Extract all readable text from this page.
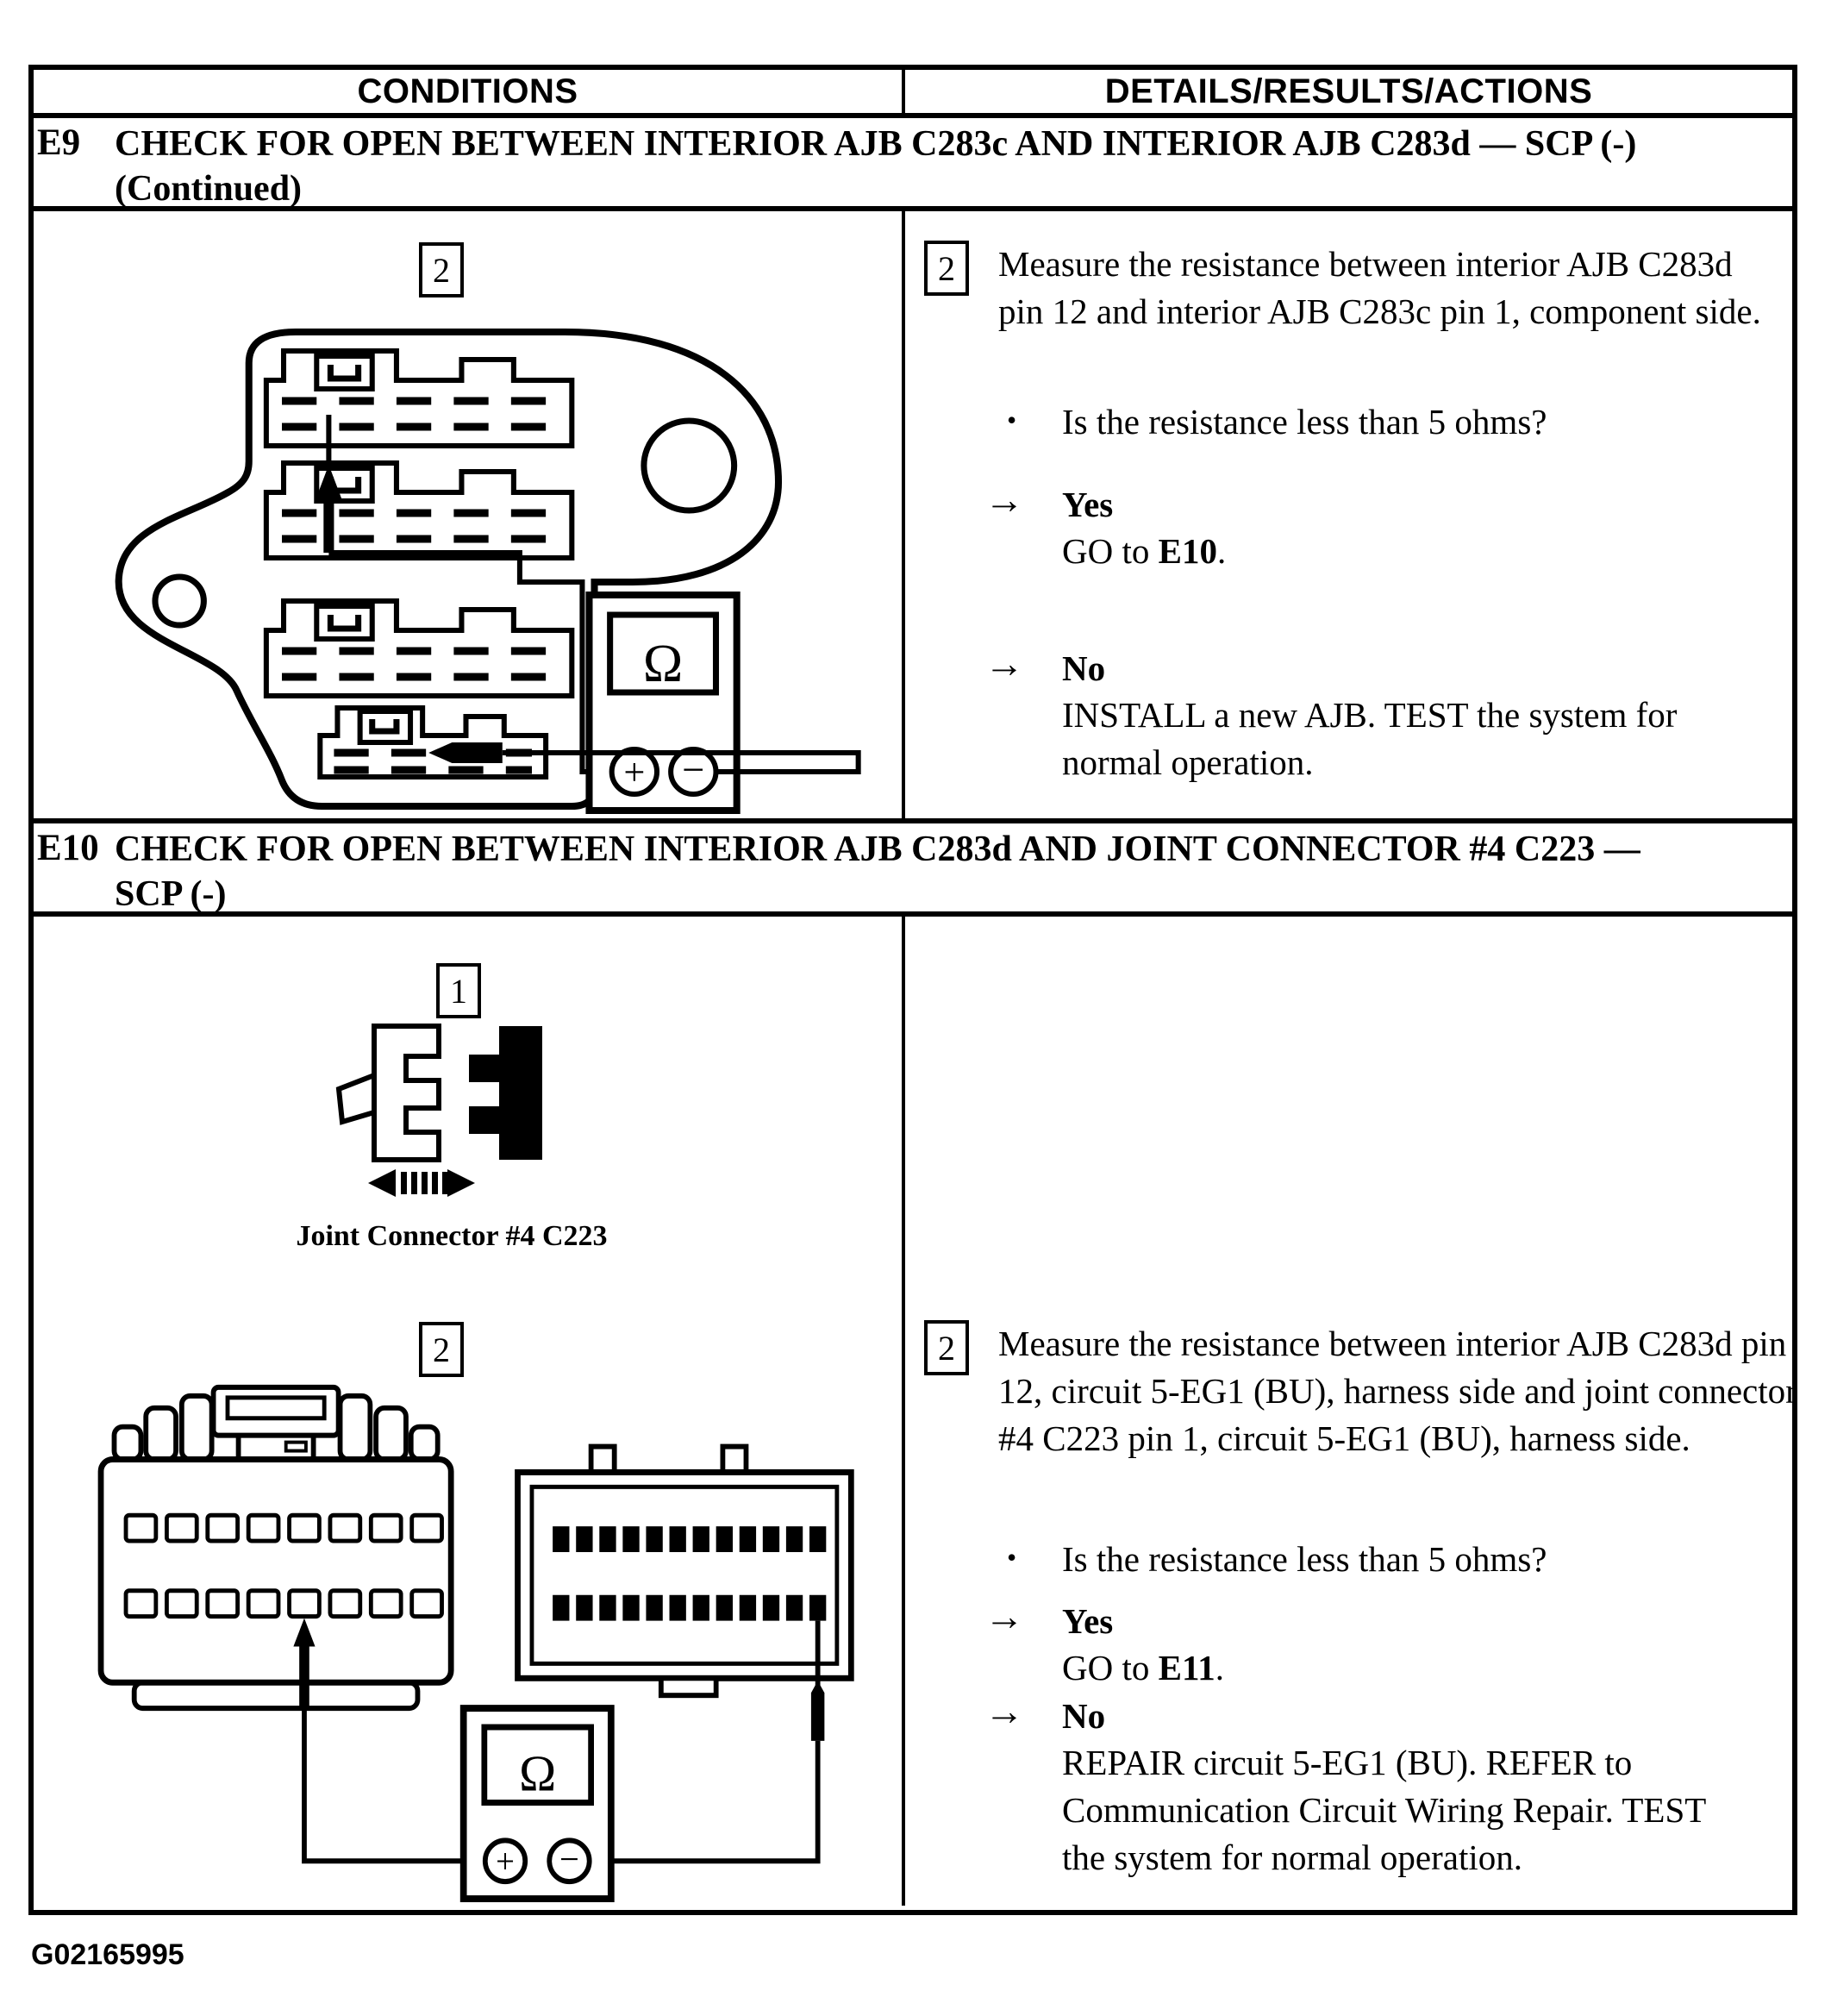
CONDITIONS	DETAILS/RESULTS/ACTIONS
E9 CHECK FOR OPEN BETWEEN INTERIOR AJB C283c AND INTERIOR AJB C283d — SCP (-)
(Continued)
2
Ω
+ −
2	Measure the resistance between interior AJB C283d pin 12 and interior AJB C283c pin 1, component side.
• Is the resistance less than 5 ohms?
→ Yes
GO to E10.
→ No
INSTALL a new AJB. TEST the system for normal operation.
E10 CHECK FOR OPEN BETWEEN INTERIOR AJB C283d AND JOINT CONNECTOR #4 C223 —
SCP (-)
1
Joint Connector #4 C223
2
Ω
+ −
2	Measure the resistance between interior AJB C283d pin 12, circuit 5-EG1 (BU), harness side and joint connector #4 C223 pin 1, circuit 5-EG1 (BU), harness side.
• Is the resistance less than 5 ohms?
→ Yes
GO to E11.
→ No
REPAIR circuit 5-EG1 (BU). REFER to Communication Circuit Wiring Repair. TEST the system for normal operation.
G02165995
